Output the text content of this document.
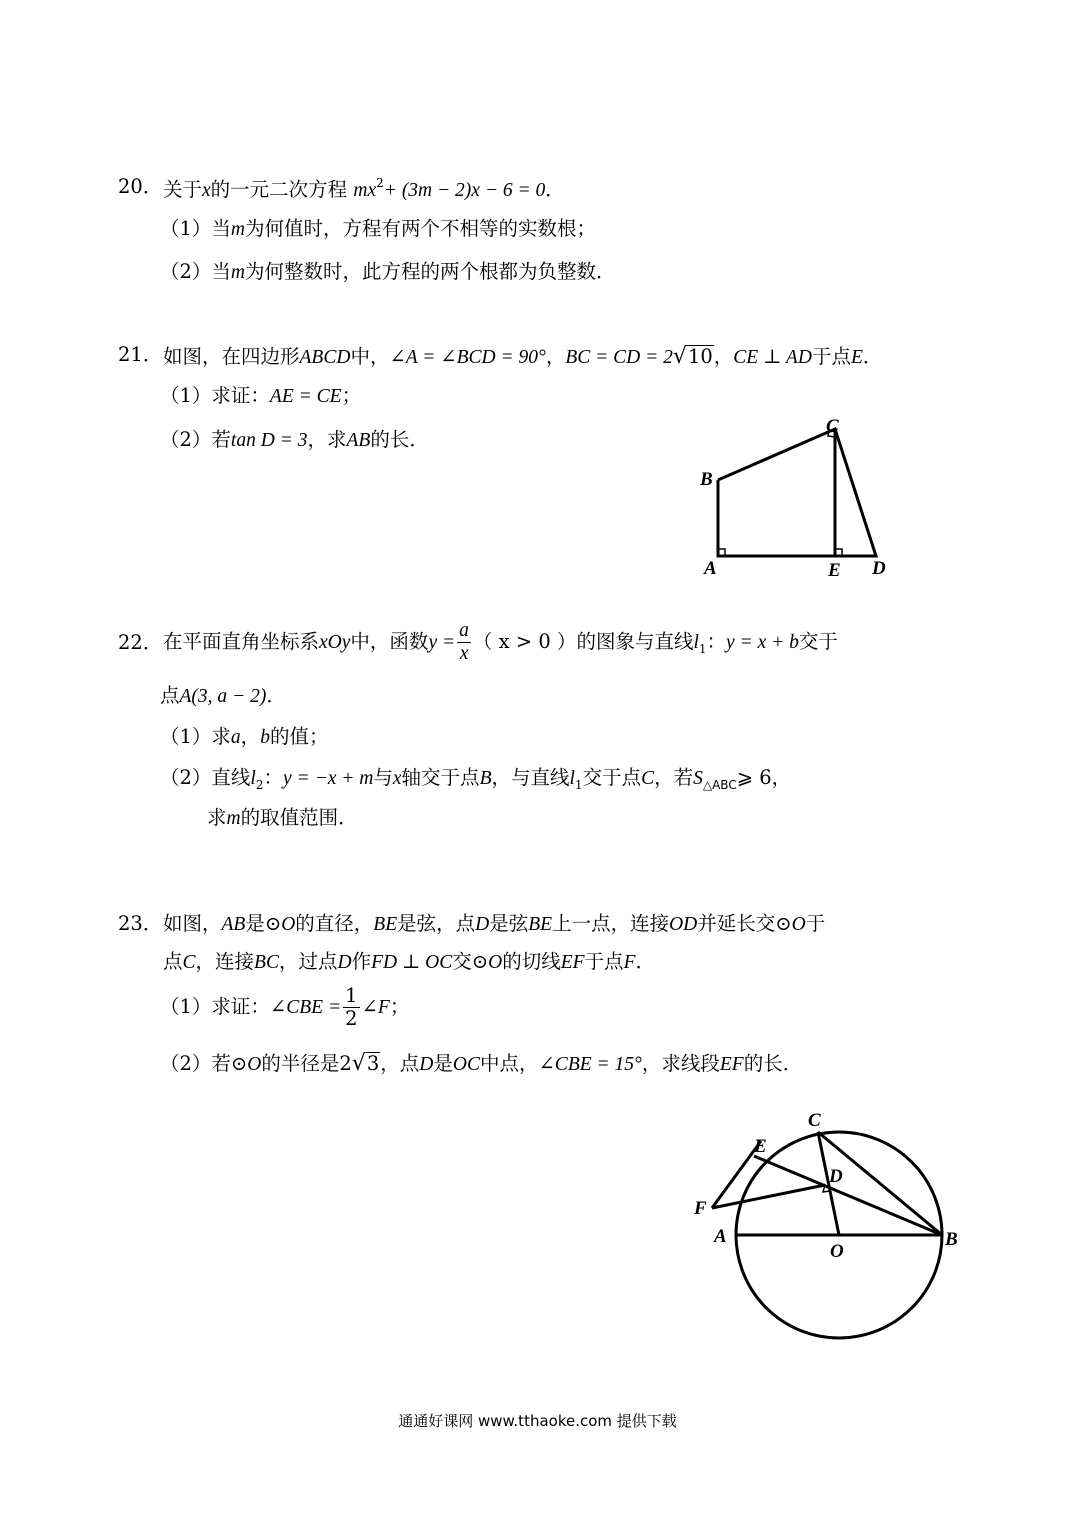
20． 关于x的一元二次方程 $mx^2+ (3m - 2)x - 6 = 0$．
（1）当m为何值时，方程有两个不相等的实数根；
（2）当m为何整数时，此方程的两个根都为负整数．
21． 如图，在四边形ABCD中，∠A = ∠BCD = 90°，BC = CD = 2√10，CE ⊥ AD于点E．
（1）求证：AE = CE；
（2）若tan D = 3，求AB的长．
C
B
A	E D
22． 在平面直角坐标系xOy中，函数$y = \frac{a}{x}$ （ x > 0 ）的图象与直线$l_1$：y = x + b交于
点A(3, a − 2)．
（1）求a，b的值；
（2）直线$l_2$：y = −x + m与x轴交于点B，与直线$l_1$交于点C，若$S_{\triangle ABC}⩾$ 6，
求m的取值范围．
23． 如图，AB是⊙O的直径，BE是弦，点D是弦BE上一点，连接OD并延长交⊙O于
点C，连接BC，过点D作FD ⊥ OC交⊙O的切线EF于点F．
（1）求证：∠CBE = $\frac{1}{2}$ ∠F；
（2）若⊙O的半径是2√3，点D是OC中点，∠CBE = 15°，求线段EF的长．
C
E
D
F
A
O
B
通通好课网 www.tthaoke.com 提供下载
